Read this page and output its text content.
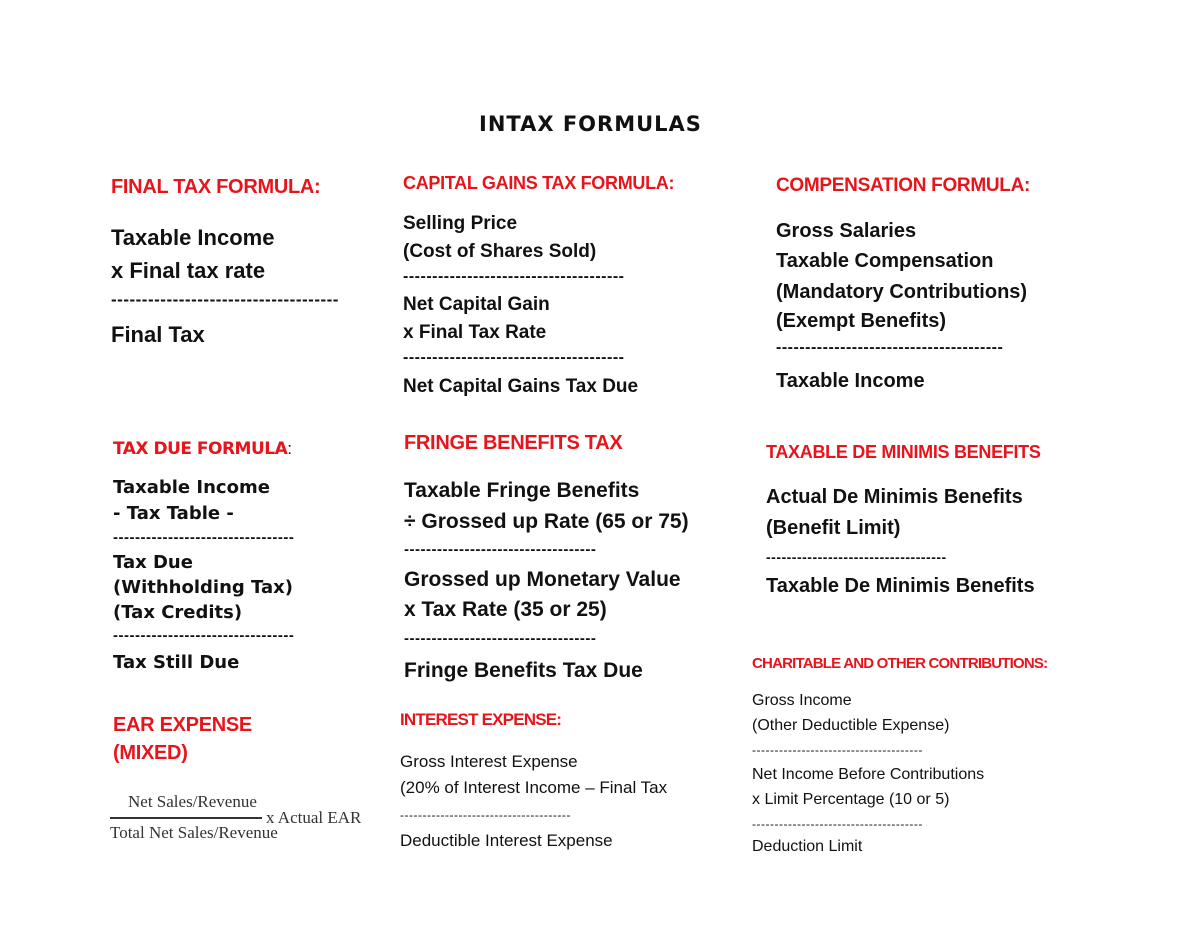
INTAX FORMULAS
FINAL TAX FORMULA:
Taxable Income
x Final tax rate
-------------------------------------
Final Tax
CAPITAL GAINS TAX FORMULA:
Selling Price
(Cost of Shares Sold)
--------------------------------------
Net Capital Gain
x Final Tax Rate
--------------------------------------
Net Capital Gains Tax Due
COMPENSATION FORMULA:
Gross Salaries
Taxable Compensation
(Mandatory Contributions)
(Exempt Benefits)
---------------------------------------
Taxable Income
TAX DUE FORMULA:
Taxable Income
- Tax Table -
---------------------------------
Tax Due
(Withholding Tax)
(Tax Credits)
---------------------------------
Tax Still Due
FRINGE BENEFITS TAX
Taxable Fringe Benefits
÷ Grossed up Rate (65 or 75)
-----------------------------------
Grossed up Monetary Value
x Tax Rate (35 or 25)
-----------------------------------
Fringe Benefits Tax Due
TAXABLE DE MINIMIS BENEFITS
Actual De Minimis Benefits
(Benefit Limit)
-----------------------------------
Taxable De Minimis Benefits
EAR EXPENSE
(MIXED)
Net Sales/Revenue
Total Net Sales/Revenue
x Actual EAR
INTEREST EXPENSE:
Gross Interest Expense
(20% of Interest Income – Final Tax
--------------------------------------
Deductible Interest Expense
CHARITABLE AND OTHER CONTRIBUTIONS:
Gross Income
(Other Deductible Expense)
--------------------------------------
Net Income Before Contributions
x Limit Percentage (10 or 5)
--------------------------------------
Deduction Limit
